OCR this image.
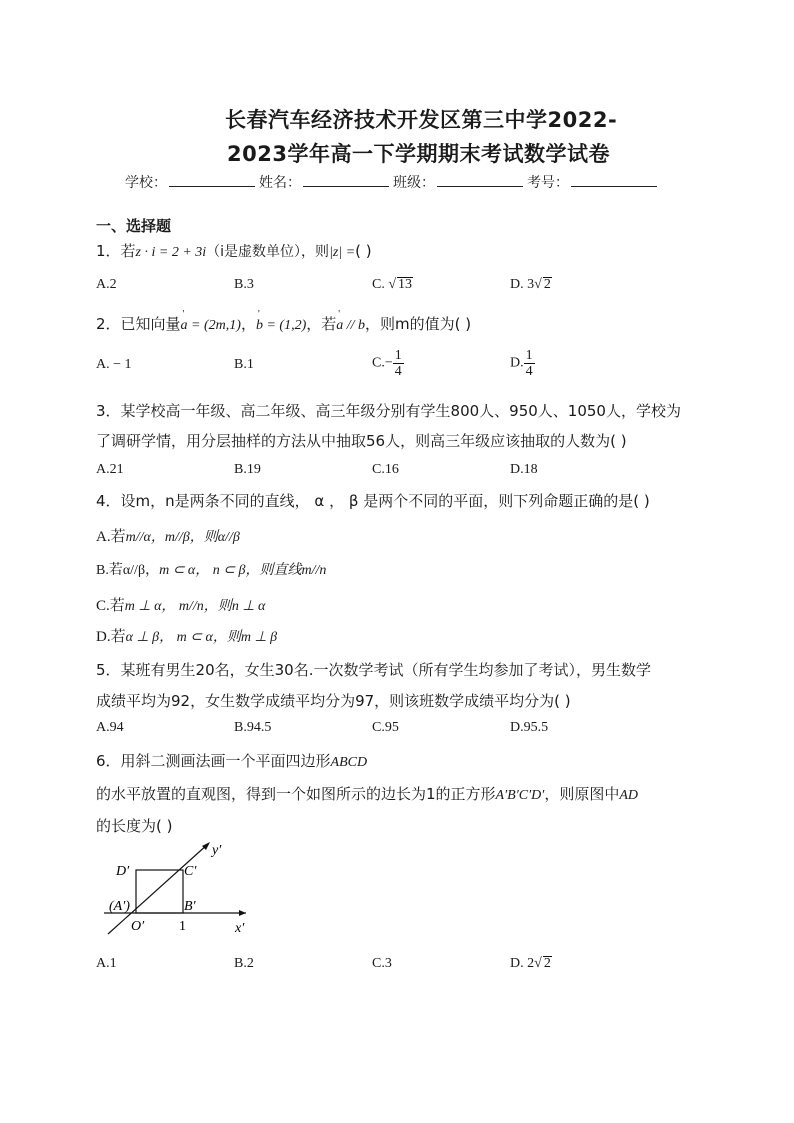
长春汽车经济技术开发区第三中学2022-
2023学年高一下学期期末考试数学试卷
学校：	姓名：	班级：	考号：
一、选择题
1．若z · i = 2 + 3i（i是虚数单位），则|z| =( )
A.2	B.3	C. √ 13	D. 3√ 2
2．已知向量' a = (2m,1)，' b = (1,2)，若' a // b，则m的值为( )
A. − 1	B.1	$C.- \frac{1}{4}$	D. $\frac{1}{4}$
3．某学校高一年级、高二年级、高三年级分别有学生800人、950人、1050人，学校为
了调研学情，用分层抽样的方法从中抽取56人，则高三年级应该抽取的人数为( )
A.21	B.19	C.16	D.18
4．设m，n是两条不同的直线， α ， β 是两个不同的平面，则下列命题正确的是( )
A.若m//α，m//β，则α//β
B.若α//β，m ⊂ α， n ⊂ β，则直线m//n
C.若m ⊥ α， m//n，则n ⊥ α
D.若α ⊥ β， m ⊂ α，则m ⊥ β
5．某班有男生20名，女生30名.一次数学考试（所有学生均参加了考试），男生数学
成绩平均为92，女生数学成绩平均分为97，则该班数学成绩平均分为( )
A.94	B.94.5	C.95	D.95.5
6．用斜二测画法画一个平面四边形ABCD
的水平放置的直观图，得到一个如图所示的边长为1的正方形A′B′C′D′，则原图中AD
的长度为( )
D′	C′
(A′)	B′
O′ 1	x′
y′
A.1	B.2	C.3	D. 2√ 2
